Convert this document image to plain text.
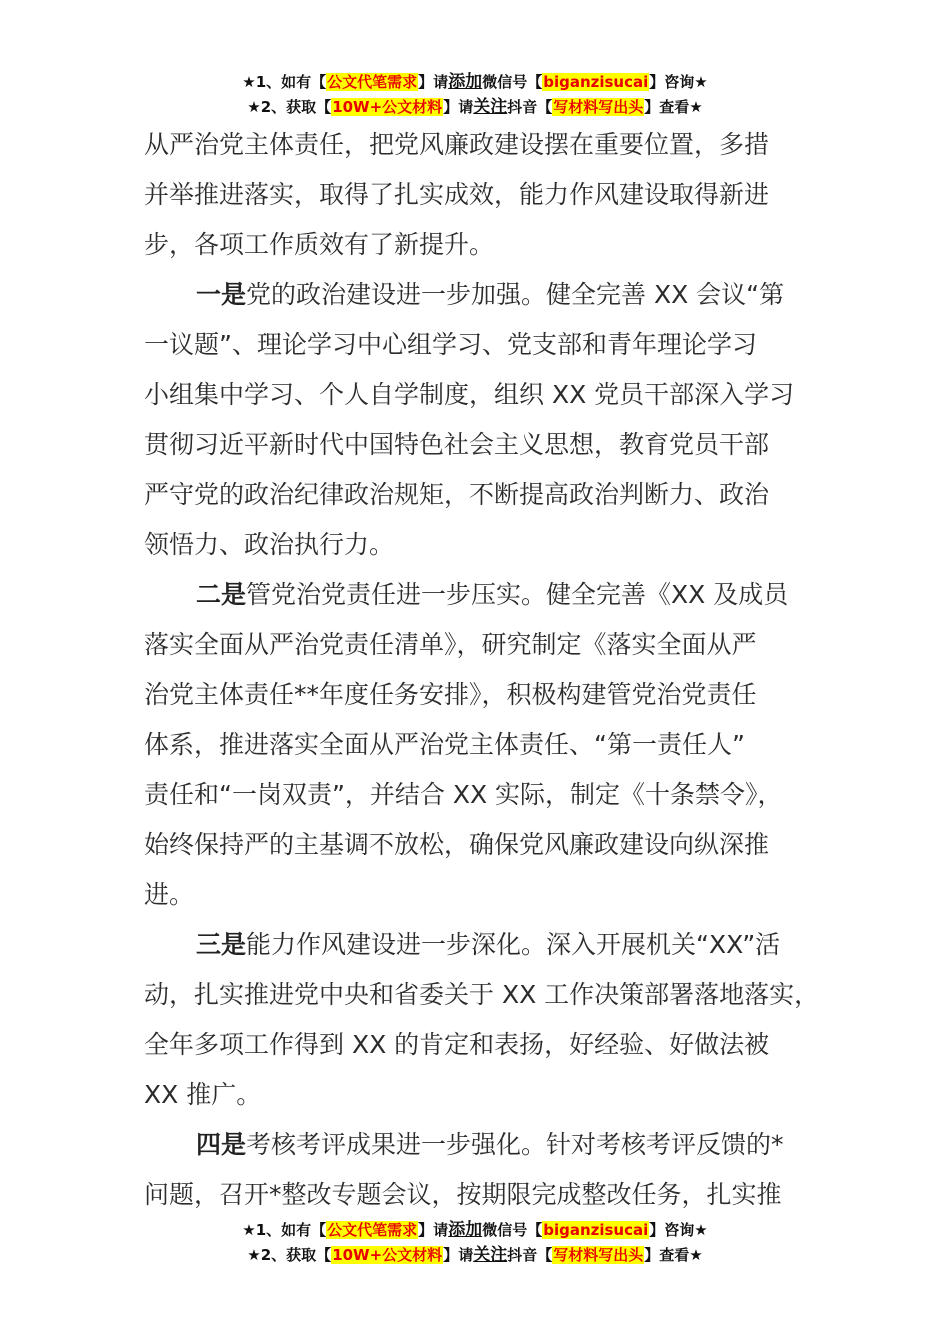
★1、如有【公文代笔需求】请添加微信号【biganzisucai】咨询★
★2、获取【10W+公文材料】请关注抖音【写材料写出头】查看★

从严治党主体责任，把党风廉政建设摆在重要位置，多措
并举推进落实，取得了扎实成效，能力作风建设取得新进
步，各项工作质效有了新提升。

一是党的政治建设进一步加强。健全完善 XX 会议“第
一议题”、理论学习中心组学习、党支部和青年理论学习
小组集中学习、个人自学制度，组织 XX 党员干部深入学习
贯彻习近平新时代中国特色社会主义思想，教育党员干部
严守党的政治纪律政治规矩，不断提高政治判断力、政治
领悟力、政治执行力。

二是管党治党责任进一步压实。健全完善《XX 及成员
落实全面从严治党责任清单》，研究制定《落实全面从严
治党主体责任**年度任务安排》，积极构建管党治党责任
体系，推进落实全面从严治党主体责任、“第一责任人”
责任和“一岗双责”，并结合 XX 实际，制定《十条禁令》，
始终保持严的主基调不放松，确保党风廉政建设向纵深推
进。

三是能力作风建设进一步深化。深入开展机关“XX”活
动，扎实推进党中央和省委关于 XX 工作决策部署落地落实，
全年多项工作得到 XX 的肯定和表扬，好经验、好做法被
XX 推广。

四是考核考评成果进一步强化。针对考核考评反馈的*
问题，召开*整改专题会议，按期限完成整改任务，扎实推

★1、如有【公文代笔需求】请添加微信号【biganzisucai】咨询★
★2、获取【10W+公文材料】请关注抖音【写材料写出头】查看★
